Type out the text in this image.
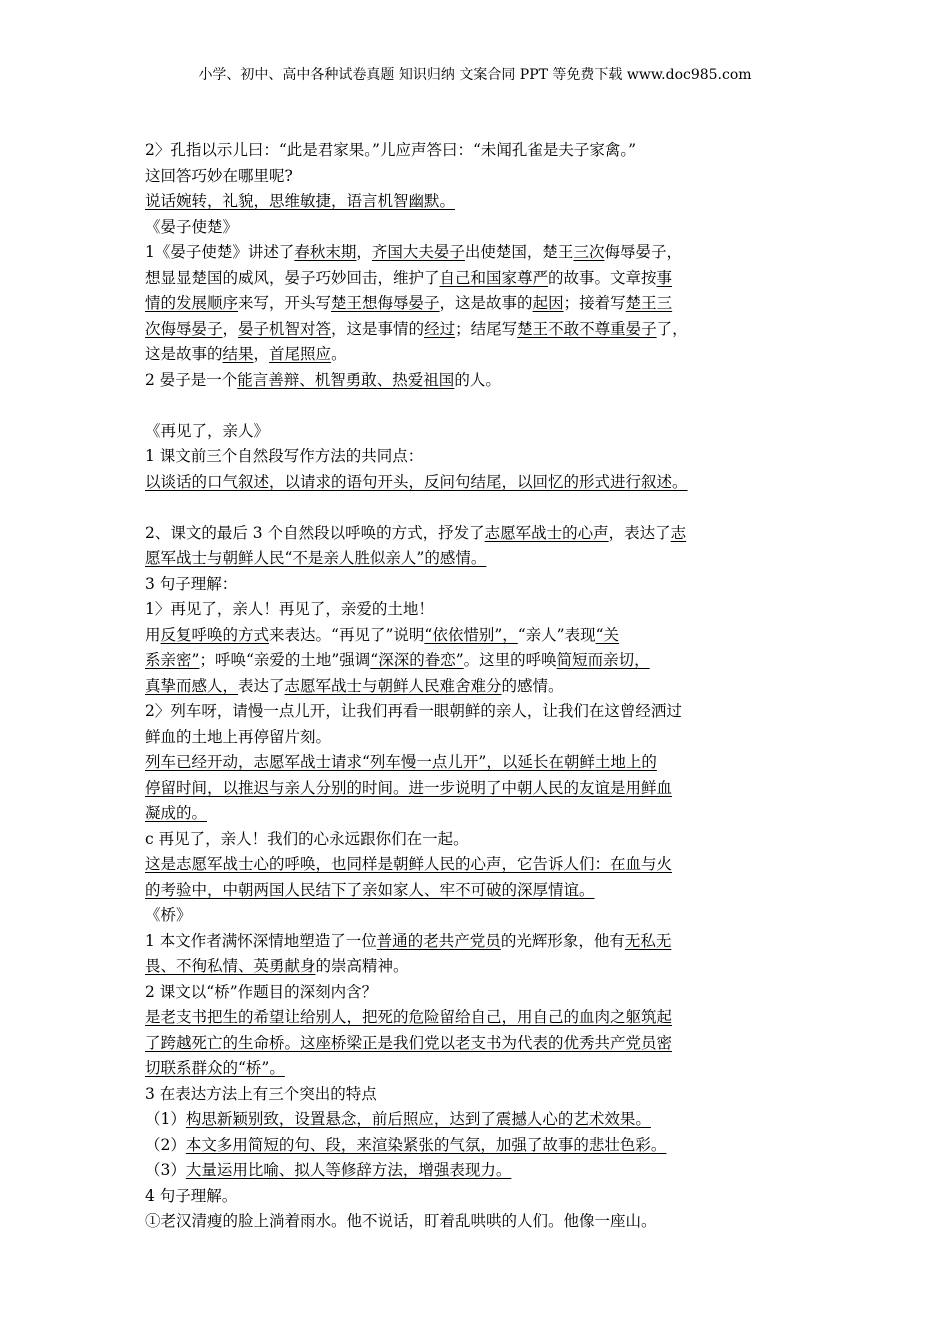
小学、初中、高中各种试卷真题 知识归纳 文案合同 PPT 等免费下载 www.doc985.com

2〉孔指以示儿曰：“此是君家果。”儿应声答曰：“未闻孔雀是夫子家禽。”

这回答巧妙在哪里呢?

说话婉转，礼貌，思维敏捷，语言机智幽默。

《晏子使楚》

1《晏子使楚》讲述了春秋末期，齐国大夫晏子出使楚国，楚王三次侮辱晏子，

想显显楚国的威风，晏子巧妙回击，维护了自己和国家尊严的故事。文章按事

情的发展顺序来写，开头写楚王想侮辱晏子，这是故事的起因；接着写楚王三

次侮辱晏子，晏子机智对答，这是事情的经过；结尾写楚王不敢不尊重晏子了，

这是故事的结果，首尾照应。

2 晏子是一个能言善辩、机智勇敢、热爱祖国的人。

《再见了，亲人》

1 课文前三个自然段写作方法的共同点：

以谈话的口气叙述，以请求的语句开头，反问句结尾，以回忆的形式进行叙述。

2、课文的最后 3 个自然段以呼唤的方式，抒发了志愿军战士的心声，表达了志

愿军战士与朝鲜人民“不是亲人胜似亲人”的感情。

3 句子理解：

1〉再见了，亲人！再见了，亲爱的土地！

用反复呼唤的方式来表达。“再见了”说明“依依惜别”，“亲人”表现“关

系亲密”；呼唤“亲爱的土地”强调“深深的眷恋”。这里的呼唤简短而亲切，

真挚而感人，表达了志愿军战士与朝鲜人民难舍难分的感情。

2〉列车呀，请慢一点儿开，让我们再看一眼朝鲜的亲人，让我们在这曾经洒过

鲜血的土地上再停留片刻。

列车已经开动，志愿军战士请求“列车慢一点儿开”，以延长在朝鲜土地上的

停留时间，以推迟与亲人分别的时间。进一步说明了中朝人民的友谊是用鲜血

凝成的。

c 再见了，亲人！我们的心永远跟你们在一起。

这是志愿军战士心的呼唤，也同样是朝鲜人民的心声，它告诉人们：在血与火

的考验中，中朝两国人民结下了亲如家人、牢不可破的深厚情谊。

《桥》

1 本文作者满怀深情地塑造了一位普通的老共产党员的光辉形象，他有无私无

畏、不徇私情、英勇献身的崇高精神。

2 课文以“桥”作题目的深刻内含？

是老支书把生的希望让给别人，把死的危险留给自己，用自己的血肉之躯筑起

了跨越死亡的生命桥。这座桥梁正是我们党以老支书为代表的优秀共产党员密

切联系群众的“桥”。

3 在表达方法上有三个突出的特点

（1）构思新颖别致，设置悬念，前后照应，达到了震撼人心的艺术效果。

（2）本文多用简短的句、段，来渲染紧张的气氛，加强了故事的悲壮色彩。

（3）大量运用比喻、拟人等修辞方法，增强表现力。

4 句子理解。

①老汉清瘦的脸上淌着雨水。他不说话，盯着乱哄哄的人们。他像一座山。
